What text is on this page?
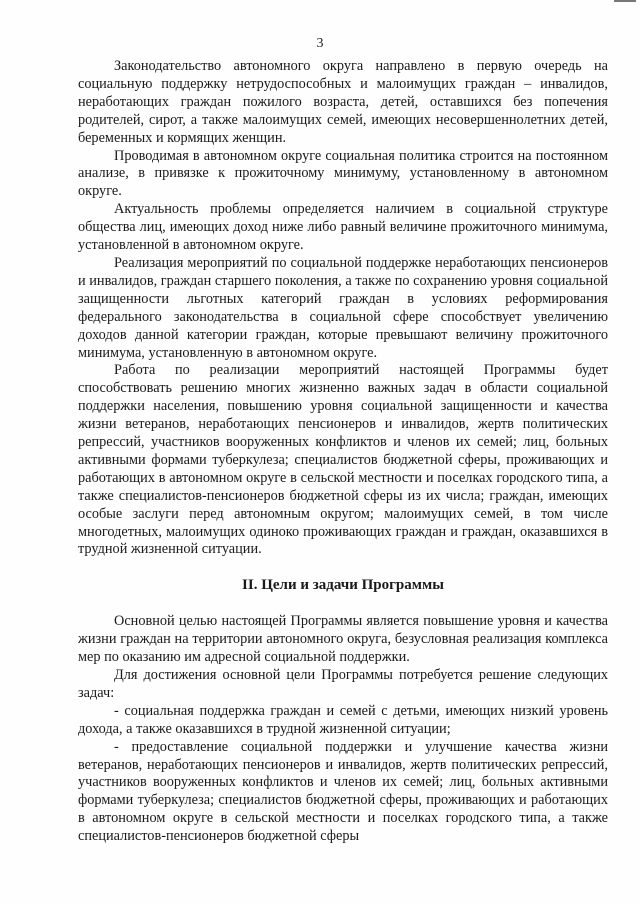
3

Законодательство автономного округа направлено в первую очередь на социальную поддержку нетрудоспособных и малоимущих граждан – инвалидов, неработающих граждан пожилого возраста, детей, оставшихся без попечения родителей, сирот, а также малоимущих семей, имеющих несовершеннолетних детей, беременных и кормящих женщин.

Проводимая в автономном округе социальная политика строится на постоянном анализе, в привязке к прожиточному минимуму, установленному в автономном округе.

Актуальность проблемы определяется наличием в социальной структуре общества лиц, имеющих доход ниже либо равный величине прожиточного минимума, установленной в автономном округе.

Реализация мероприятий по социальной поддержке неработающих пенсионеров и инвалидов, граждан старшего поколения, а также по сохранению уровня социальной защищенности льготных категорий граждан в условиях реформирования федерального законодательства в социальной сфере способствует увеличению доходов данной категории граждан, которые превышают величину прожиточного минимума, установленную в автономном округе.

Работа по реализации мероприятий настоящей Программы будет способствовать решению многих жизненно важных задач в области социальной поддержки населения, повышению уровня социальной защищенности и качества жизни ветеранов, неработающих пенсионеров и инвалидов, жертв политических репрессий, участников вооруженных конфликтов и членов их семей; лиц, больных активными формами туберкулеза; специалистов бюджетной сферы, проживающих и работающих в автономном округе в сельской местности и поселках городского типа, а также специалистов-пенсионеров бюджетной сферы из их числа; граждан, имеющих особые заслуги перед автономным округом; малоимущих семей, в том числе многодетных, малоимущих одиноко проживающих граждан и граждан, оказавшихся в трудной жизненной ситуации.

II. Цели и задачи Программы

Основной целью настоящей Программы является повышение уровня и качества жизни граждан на территории автономного округа, безусловная реализация комплекса мер по оказанию им адресной социальной поддержки.

Для достижения основной цели Программы потребуется решение следующих задач:

- социальная поддержка граждан и семей с детьми, имеющих низкий уровень дохода, а также оказавшихся в трудной жизненной ситуации;

- предоставление социальной поддержки и улучшение качества жизни ветеранов, неработающих пенсионеров и инвалидов, жертв политических репрессий, участников вооруженных конфликтов и членов их семей; лиц, больных активными формами туберкулеза; специалистов бюджетной сферы, проживающих и работающих в автономном округе в сельской местности и поселках городского типа, а также специалистов-пенсионеров бюджетной сферы
